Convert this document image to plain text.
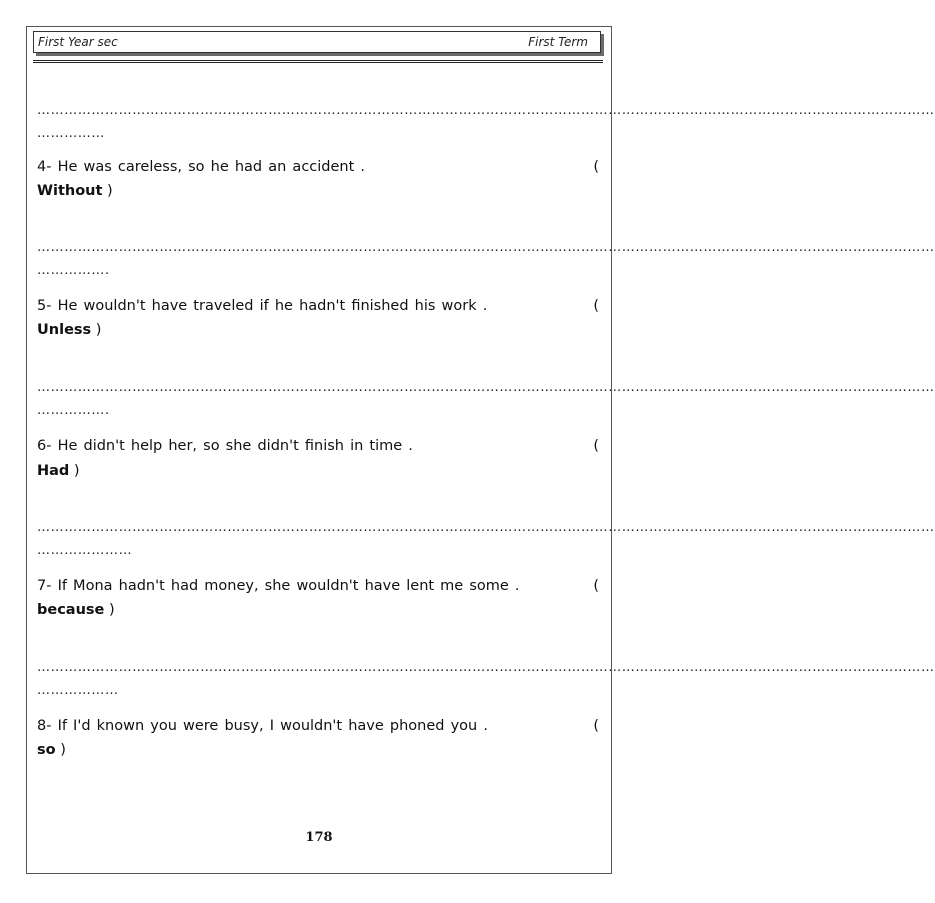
First Year sec	First Term
………………………………………………………………………………………………………………………………………………………………………………
……………
4- He was careless, so he had an accident .	(
Without )
………………………………………………………………………………………………………………………………………………………………………………
…………….
5- He wouldn't have traveled if he hadn't finished his work .	(
Unless )
………………………………………………………………………………………………………………………………………………………………………………
…………….
6- He didn't help her, so she didn't finish in time .	(
Had )
………………………………………………………………………………………………………………………………………………………………………………
…………………
7- If Mona hadn't had money, she wouldn't have lent me some .	(
because )
………………………………………………………………………………………………………………………………………………………………………………
………………
8- If I'd known you were busy, I wouldn't have phoned you .	(
so )
178
